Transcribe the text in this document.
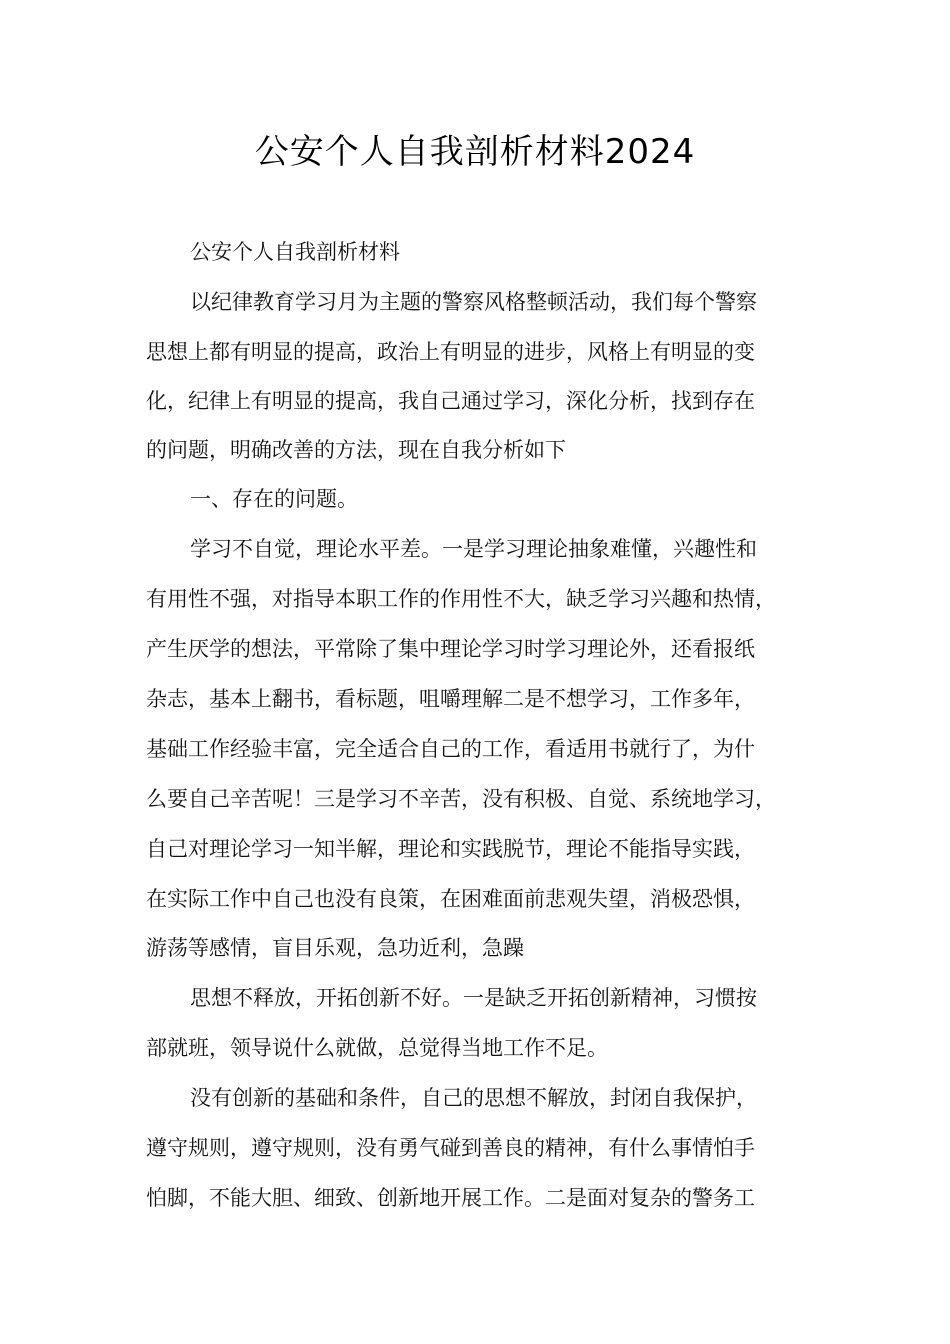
公安个人自我剖析材料2024
公安个人自我剖析材料
以纪律教育学习月为主题的警察风格整顿活动，我们每个警察
思想上都有明显的提高，政治上有明显的进步，风格上有明显的变
化，纪律上有明显的提高，我自己通过学习，深化分析，找到存在
的问题，明确改善的方法，现在自我分析如下
一、存在的问题。
学习不自觉，理论水平差。一是学习理论抽象难懂，兴趣性和
有用性不强，对指导本职工作的作用性不大，缺乏学习兴趣和热情，
产生厌学的想法，平常除了集中理论学习时学习理论外，还看报纸
杂志，基本上翻书，看标题，咀嚼理解二是不想学习，工作多年，
基础工作经验丰富，完全适合自己的工作，看适用书就行了，为什
么要自己辛苦呢！三是学习不辛苦，没有积极、自觉、系统地学习，
自己对理论学习一知半解，理论和实践脱节，理论不能指导实践，
在实际工作中自己也没有良策，在困难面前悲观失望，消极恐惧，
游荡等感情，盲目乐观，急功近利，急躁
思想不释放，开拓创新不好。一是缺乏开拓创新精神，习惯按
部就班，领导说什么就做，总觉得当地工作不足。
没有创新的基础和条件，自己的思想不解放，封闭自我保护，
遵守规则，遵守规则，没有勇气碰到善良的精神，有什么事情怕手
怕脚，不能大胆、细致、创新地开展工作。二是面对复杂的警务工
